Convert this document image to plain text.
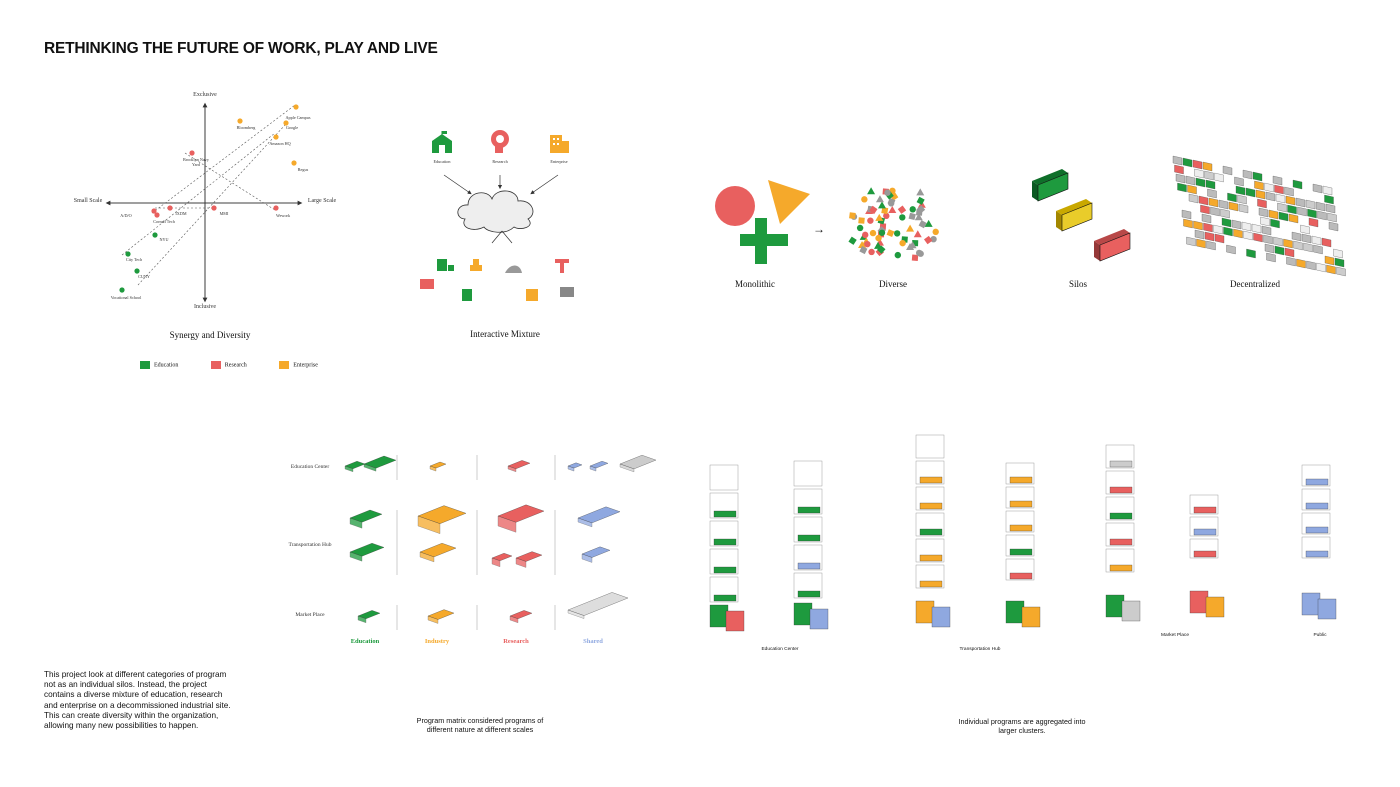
RETHINKING THE FUTURE OF WORK, PLAY AND LIVE
Exclusive
Inclusive
Small Scale	Large Scale
Apple Campus
Google
Bloomberg
Amazon HQ
Brooklyn Navy Yard
Regus
A/D/O	IXDM	MMI	Wework
Cornell Tech
NYU
City Tech
CUNY
Vocational School
Synergy and Diversity
Education	Research	Enterprise
Education	Research	Enterprise
Interactive Mixture
Monolithic
→
Diverse	Silos	Decentralized
Education Center
Transportation Hub
Market Place
Education	Industry	Research	Shared
Program matrix considered programs of different nature at different scales
Education Center	Transportation Hub
Market Place	Public
Individual programs are aggregated into larger clusters.
This project look at different categories of program not as an individual silos. Instead, the project contains a diverse mixture of education, research and enterprise on a decommissioned industrial site. This can create diversity within the organization, allowing many new possibilities to happen.
